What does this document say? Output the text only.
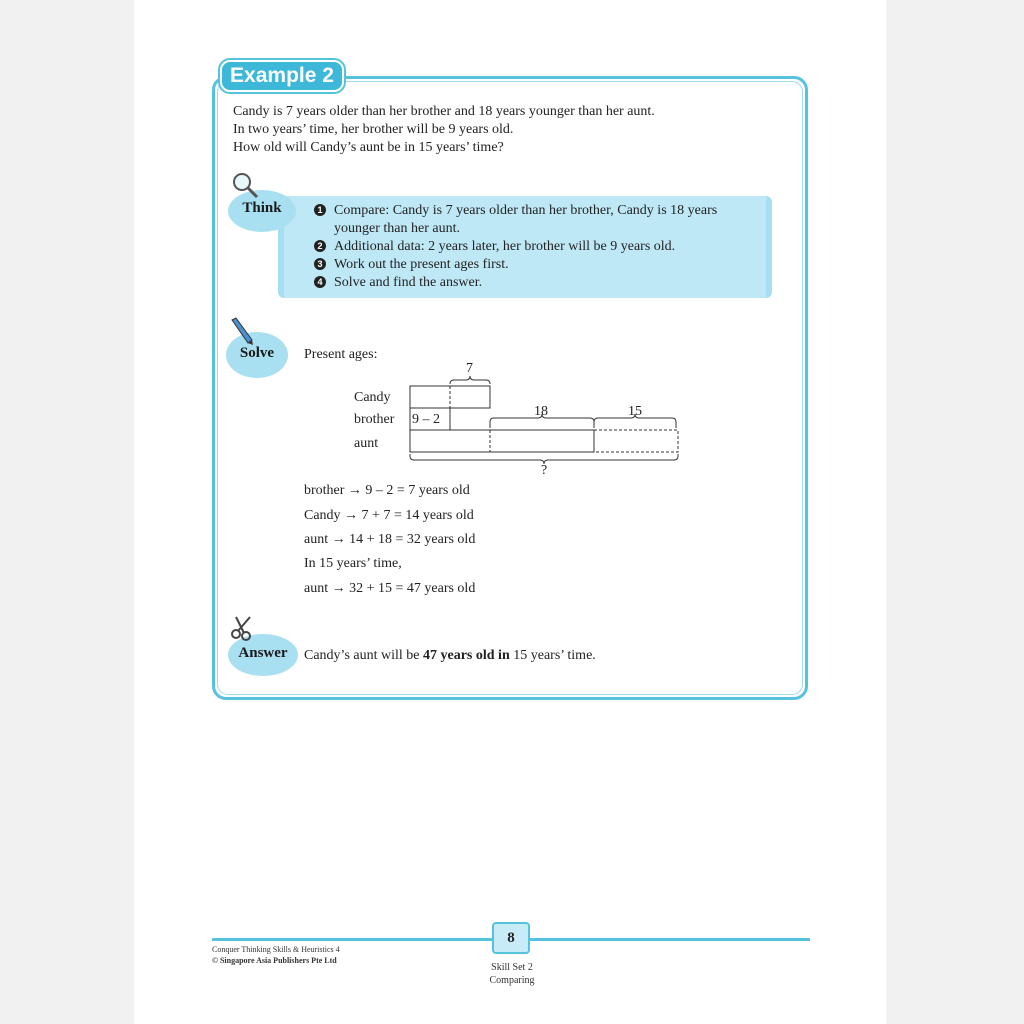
Example 2
Candy is 7 years older than her brother and 18 years younger than her aunt.
In two years’ time, her brother will be 9 years old.
How old will Candy’s aunt be in 15 years’ time?
Think	1 Compare: Candy is 7 years older than her brother, Candy is 18 years
younger than her aunt.
2 Additional data: 2 years later, her brother will be 9 years old.
3 Work out the present ages first.
4 Solve and find the answer.
Solve	Present ages:
Candy
brother
aunt
7
9 – 2
18	15
?
brother → 9 – 2 = 7 years old
Candy → 7 + 7 = 14 years old
aunt → 14 + 18 = 32 years old
In 15 years’ time,
aunt → 32 + 15 = 47 years old
Answer	Candy’s aunt will be 47 years old in 15 years’ time.
8
Conquer Thinking Skills & Heuristics 4
© Singapore Asia Publishers Pte Ltd
Skill Set 2
Comparing
